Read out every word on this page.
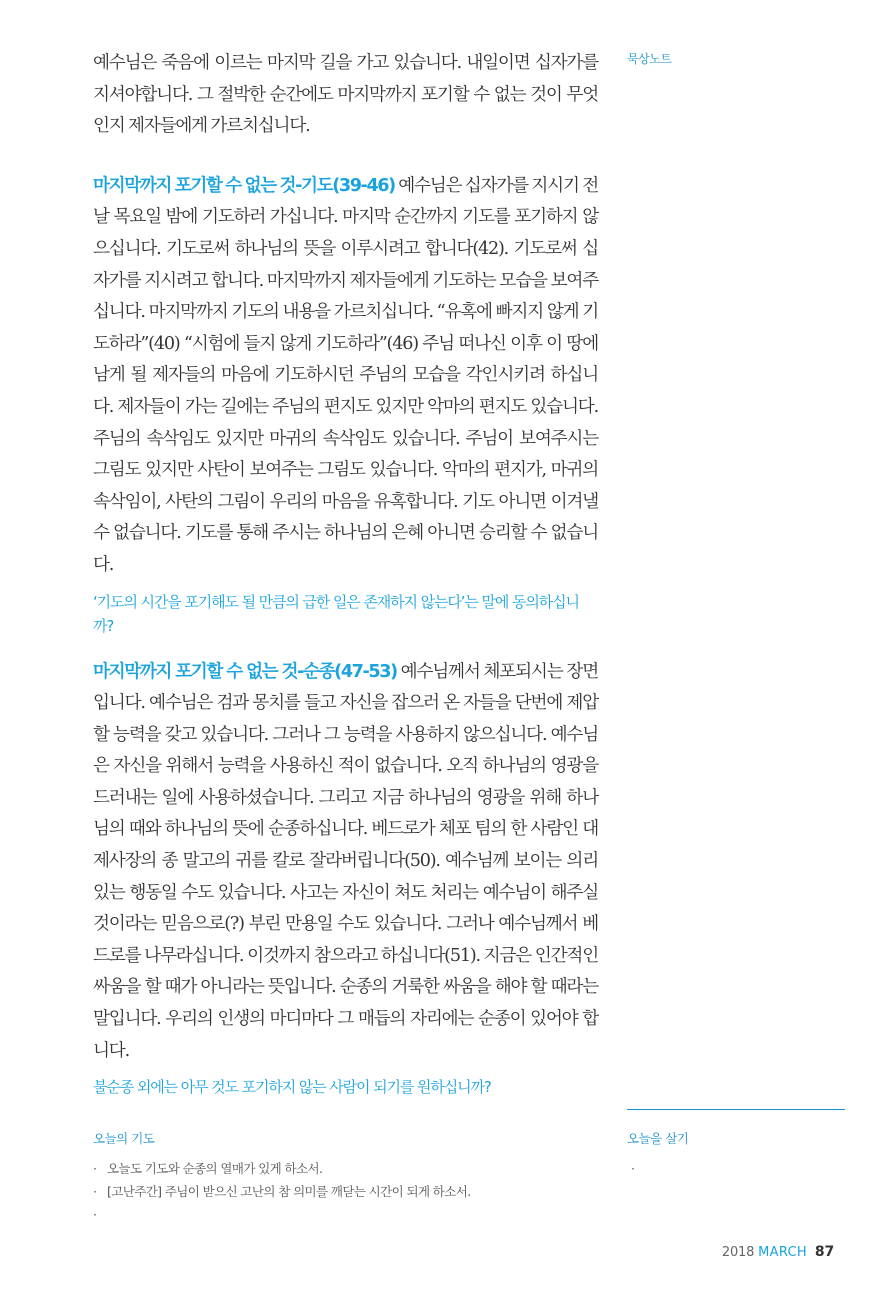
예수님은 죽음에 이르는 마지막 길을 가고 있습니다. 내일이면 십자가를 지셔야합니다. 그 절박한 순간에도 마지막까지 포기할 수 없는 것이 무엇인지 제자들에게 가르치십니다.

마지막까지 포기할 수 없는 것-기도(39-46) 예수님은 십자가를 지시기 전 날 목요일 밤에 기도하러 가십니다. 마지막 순간까지 기도를 포기하지 않으십니다. 기도로써 하나님의 뜻을 이루시려고 합니다(42). 기도로써 십자가를 지시려고 합니다. 마지막까지 제자들에게 기도하는 모습을 보여주십니다. 마지막까지 기도의 내용을 가르치십니다. “유혹에 빠지지 않게 기도하라”(40) “시험에 들지 않게 기도하라”(46) 주님 떠나신 이후 이 땅에 남게 될 제자들의 마음에 기도하시던 주님의 모습을 각인시키려 하십니다. 제자들이 가는 길에는 주님의 편지도 있지만 악마의 편지도 있습니다. 주님의 속삭임도 있지만 마귀의 속삭임도 있습니다. 주님이 보여주시는 그림도 있지만 사탄이 보여주는 그림도 있습니다. 악마의 편지가, 마귀의 속삭임이, 사탄의 그림이 우리의 마음을 유혹합니다. 기도 아니면 이겨낼 수 없습니다. 기도를 통해 주시는 하나님의 은혜 아니면 승리할 수 없습니다.

‘기도의 시간을 포기해도 될 만큼의 급한 일은 존재하지 않는다’는 말에 동의하십니까?

마지막까지 포기할 수 없는 것-순종(47-53) 예수님께서 체포되시는 장면입니다. 예수님은 검과 몽치를 들고 자신을 잡으러 온 자들을 단번에 제압할 능력을 갖고 있습니다. 그러나 그 능력을 사용하지 않으십니다. 예수님은 자신을 위해서 능력을 사용하신 적이 없습니다. 오직 하나님의 영광을 드러내는 일에 사용하셨습니다. 그리고 지금 하나님의 영광을 위해 하나님의 때와 하나님의 뜻에 순종하십니다. 베드로가 체포 팀의 한 사람인 대제사장의 종 말고의 귀를 칼로 잘라버립니다(50). 예수님께 보이는 의리 있는 행동일 수도 있습니다. 사고는 자신이 쳐도 처리는 예수님이 해주실 것이라는 믿음으로(?) 부린 만용일 수도 있습니다. 그러나 예수님께서 베드로를 나무라십니다. 이것까지 참으라고 하십니다(51). 지금은 인간적인 싸움을 할 때가 아니라는 뜻입니다. 순종의 거룩한 싸움을 해야 할 때라는 말입니다. 우리의 인생의 마디마다 그 매듭의 자리에는 순종이 있어야 합니다.

불순종 외에는 아무 것도 포기하지 않는 사람이 되기를 원하십니까?

묵상노트
오늘의 기도
· 오늘도 기도와 순종의 열매가 있게 하소서.
· [고난주간] 주님이 받으신 고난의 참 의미를 깨닫는 시간이 되게 하소서.
·
오늘을 살기
·
2018 MARCH 87
